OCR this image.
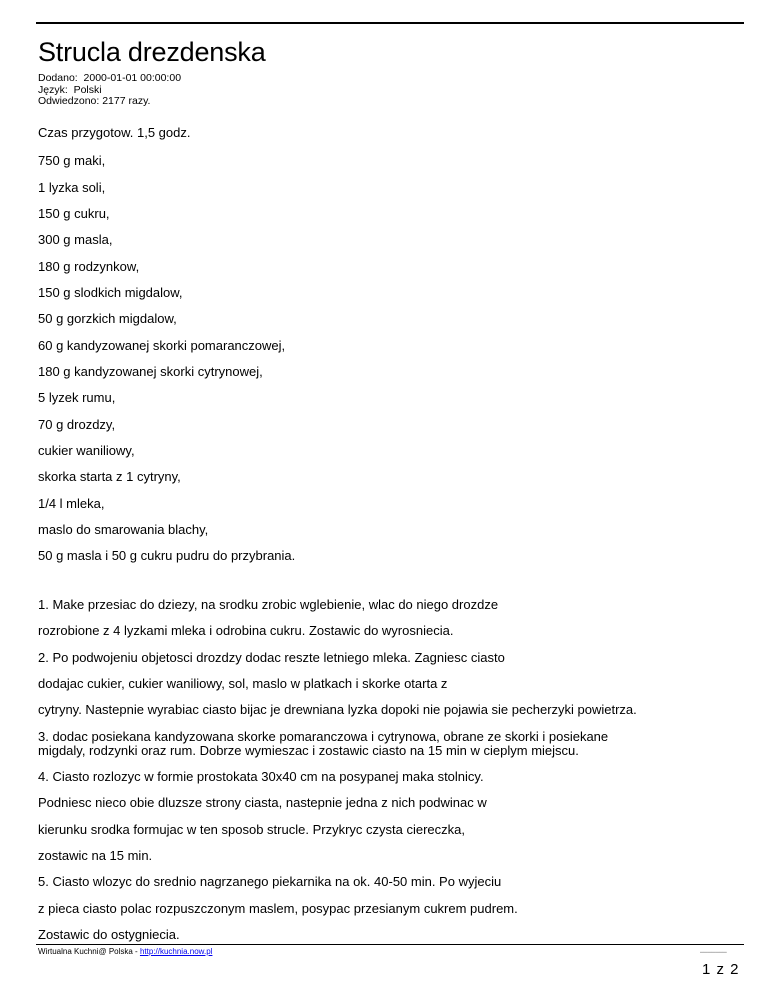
Strucla drezdenska
Dodano:  2000-01-01 00:00:00
Język:  Polski
Odwiedzono: 2177 razy.
Czas przygotow. 1,5 godz.
750 g maki,
1 lyzka soli,
150 g cukru,
300 g masla,
180 g rodzynkow,
150 g slodkich migdalow,
50 g gorzkich migdalow,
60 g kandyzowanej skorki pomaranczowej,
180 g kandyzowanej skorki cytrynowej,
5 lyzek rumu,
70 g drozdzy,
cukier waniliowy,
skorka starta z 1 cytryny,
1/4 l mleka,
maslo do smarowania blachy,
50 g masla i 50 g cukru pudru do przybrania.
1. Make przesiac do dziezy, na srodku zrobic wglebienie, wlac do niego drozdze
rozrobione z 4 lyzkami mleka i odrobina cukru. Zostawic do wyrosniecia.
2. Po podwojeniu objetosci drozdzy dodac reszte letniego mleka. Zagniesc ciasto
dodajac cukier, cukier waniliowy, sol, maslo w platkach i skorke otarta z
cytryny. Nastepnie wyrabiac ciasto bijac je drewniana lyzka dopoki nie pojawia sie pecherzyki powietrza.
3. dodac posiekana kandyzowana skorke pomaranczowa i cytrynowa, obrane ze skorki i posiekane
migdaly, rodzynki oraz rum. Dobrze wymieszac i zostawic ciasto na 15 min w cieplym miejscu.
4. Ciasto rozlozyc w formie prostokata 30x40 cm na posypanej maka stolnicy.
Podniesc nieco obie dluzsze strony ciasta, nastepnie jedna z nich podwinac w
kierunku srodka formujac w ten sposob strucle. Przykryc czysta ciereczka,
zostawic na 15 min.
5. Ciasto wlozyc do srednio nagrzanego piekarnika na ok. 40-50 min. Po wyjeciu
z pieca ciasto polac rozpuszczonym maslem, posypac przesianym cukrem pudrem.
Zostawic do ostygniecia.
Wirtualna Kuchni@ Polska - http://kuchnia.now.pl	▬▬▬▬▬▬▬
1 z 2
